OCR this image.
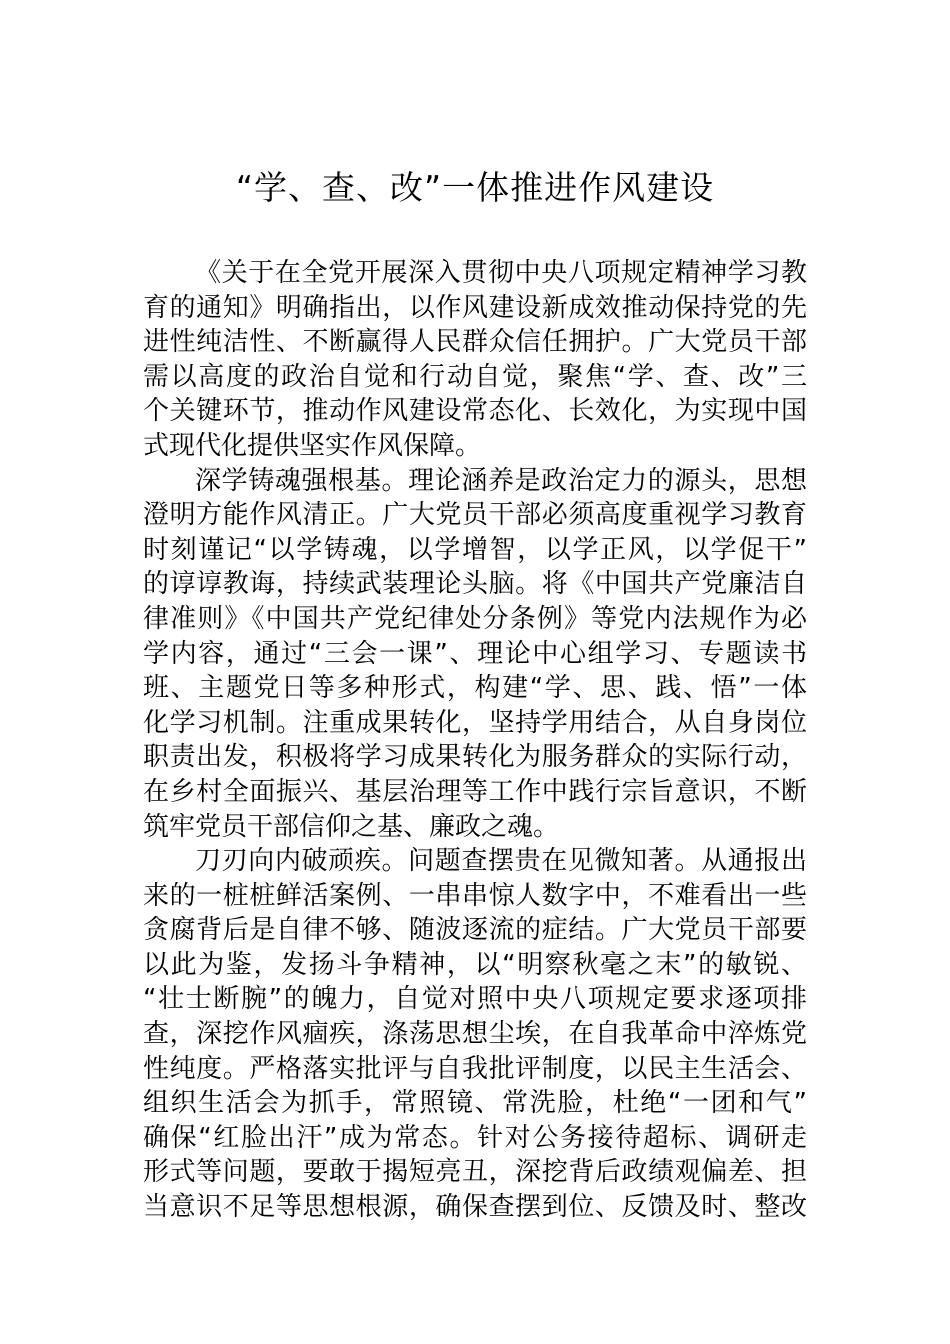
“学、查、改”一体推进作风建设
《关于在全党开展深入贯彻中央八项规定精神学习教
育的通知》明确指出，以作风建设新成效推动保持党的先
进性纯洁性、不断赢得人民群众信任拥护。广大党员干部
需以高度的政治自觉和行动自觉，聚焦“学、查、改”三
个关键环节，推动作风建设常态化、长效化，为实现中国
式现代化提供坚实作风保障。
深学铸魂强根基。理论涵养是政治定力的源头，思想
澄明方能作风清正。广大党员干部必须高度重视学习教育
时刻谨记“以学铸魂，以学增智，以学正风，以学促干”
的谆谆教诲，持续武装理论头脑。将《中国共产党廉洁自
律准则》《中国共产党纪律处分条例》等党内法规作为必
学内容，通过“三会一课”、理论中心组学习、专题读书
班、主题党日等多种形式，构建“学、思、践、悟”一体
化学习机制。注重成果转化，坚持学用结合，从自身岗位
职责出发，积极将学习成果转化为服务群众的实际行动，
在乡村全面振兴、基层治理等工作中践行宗旨意识，不断
筑牢党员干部信仰之基、廉政之魂。
刀刃向内破顽疾。问题查摆贵在见微知著。从通报出
来的一桩桩鲜活案例、一串串惊人数字中，不难看出一些
贪腐背后是自律不够、随波逐流的症结。广大党员干部要
以此为鉴，发扬斗争精神，以“明察秋毫之末”的敏锐、
“壮士断腕”的魄力，自觉对照中央八项规定要求逐项排
查，深挖作风痼疾，涤荡思想尘埃，在自我革命中淬炼党
性纯度。严格落实批评与自我批评制度，以民主生活会、
组织生活会为抓手，常照镜、常洗脸，杜绝“一团和气”
确保“红脸出汗”成为常态。针对公务接待超标、调研走
形式等问题，要敢于揭短亮丑，深挖背后政绩观偏差、担
当意识不足等思想根源，确保查摆到位、反馈及时、整改
